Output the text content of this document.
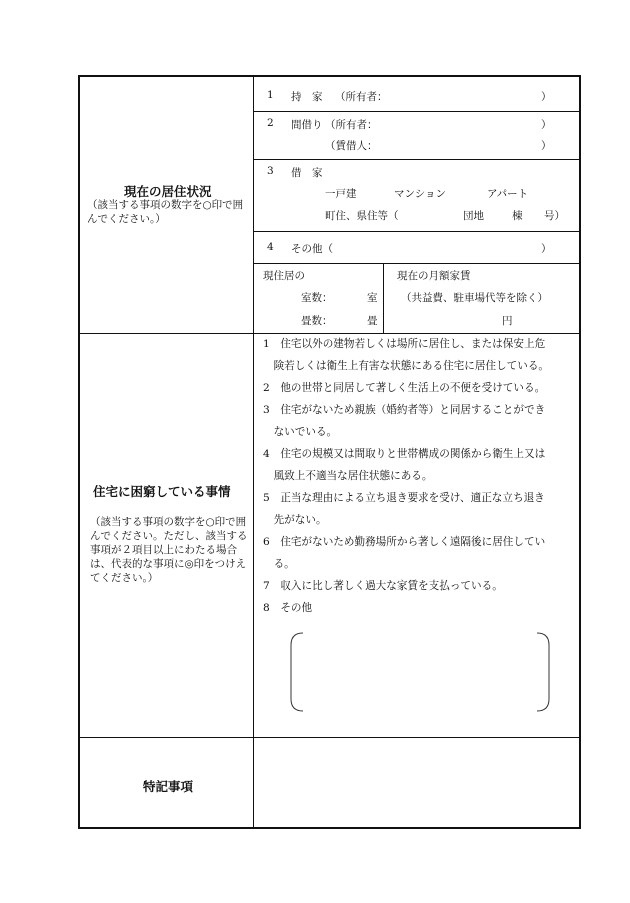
現在の居住状況
（該当する事項の数字を○印で囲んでください。）
1 持　家 （所有者：	）
2 間借り （所有者：	）
（賃借人：	）
3 借　家
一戸建	マンション	アパート
町住、県住等（	団地	棟 号）
4 その他（	）
現住居の
室数：	室
畳数：	畳
現在の月額家賃
（共益費、駐車場代等を除く）
円
住宅に困窮している事情
（該当する事項の数字を○印で囲んでください。ただし、該当する事項が２項目以上にわたる場合は、代表的な事項に◎印をつけえてください。）
1　住宅以外の建物若しくは場所に居住し、または保安上危
　険若しくは衛生上有害な状態にある住宅に居住している。
2　他の世帯と同居して著しく生活上の不便を受けている。
3　住宅がないため親族（婚約者等）と同居することができ
　ないでいる。
4　住宅の規模又は間取りと世帯構成の関係から衛生上又は
　風致上不適当な居住状態にある。
5　正当な理由による立ち退き要求を受け、適正な立ち退き
　先がない。
6　住宅がないため勤務場所から著しく遠隔後に居住してい
　る。
7　収入に比し著しく過大な家賃を支払っている。
8　その他
特記事項
